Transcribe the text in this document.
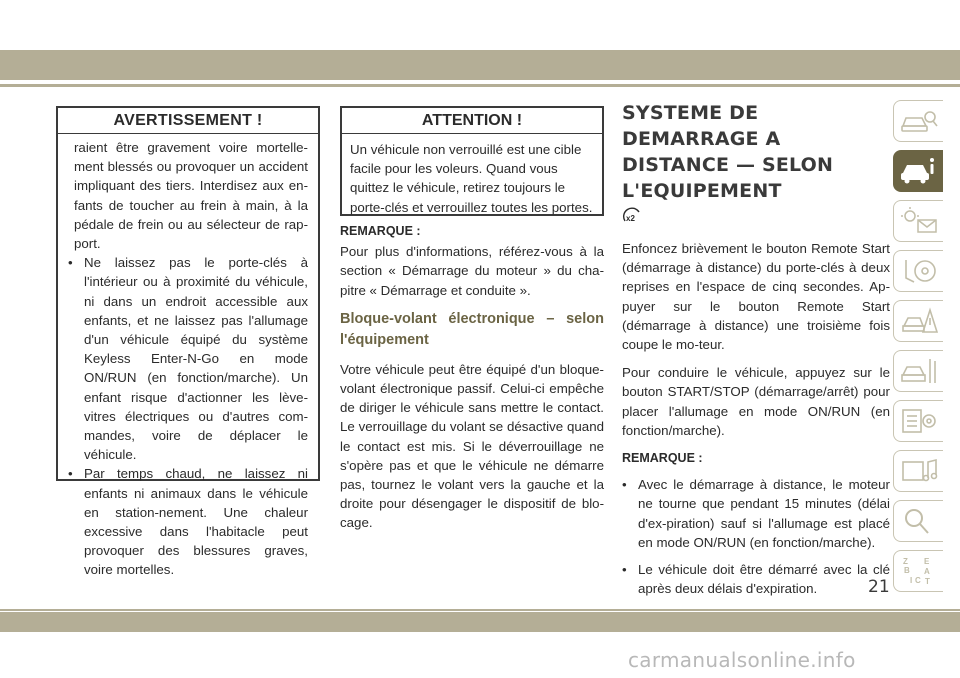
AVERTISSEMENT !

raient être gravement voire mortelle-ment blessés ou provoquer un accident impliquant des tiers. Interdisez aux en-fants de toucher au frein à main, à la pédale de frein ou au sélecteur de rap-port.

• Ne laissez pas le porte-clés à l'intérieur ou à proximité du véhicule, ni dans un endroit accessible aux enfants, et ne laissez pas l'allumage d'un véhicule équipé du système Keyless Enter-N-Go en mode ON/RUN (en fonction/marche). Un enfant risque d'actionner les lève-vitres électriques ou d'autres com-mandes, voire de déplacer le véhicule.
• Par temps chaud, ne laissez ni enfants ni animaux dans le véhicule en station-nement. Une chaleur excessive dans l'habitacle peut provoquer des blessures graves, voire mortelles.
ATTENTION !
Un véhicule non verrouillé est une cible facile pour les voleurs. Quand vous quittez le véhicule, retirez toujours le porte-clés et verrouillez toutes les portes.
REMARQUE :

Pour plus d'informations, référez-vous à la section « Démarrage du moteur » du cha-pitre « Démarrage et conduite ».

Bloque-volant électronique – selon l'équipement

Votre véhicule peut être équipé d'un bloque-volant électronique passif. Celui-ci empêche de diriger le véhicule sans mettre le contact. Le verrouillage du volant se désactive quand le contact est mis. Si le déverrouillage ne s'opère pas et que le véhicule ne démarre pas, tournez le volant vers la gauche et la droite pour désengager le dispositif de blo-cage.

SYSTEME DE DEMARRAGE A DISTANCE — SELON L'EQUIPEMENT
x2

Enfoncez brièvement le bouton Remote Start (démarrage à distance) du porte-clés à deux reprises en l'espace de cinq secondes. Ap-puyer sur le bouton Remote Start (démarrage à distance) une troisième fois coupe le mo-teur.

Pour conduire le véhicule, appuyez sur le bouton START/STOP (démarrage/arrêt) pour placer l'allumage en mode ON/RUN (en fonction/marche).

REMARQUE :
• Avec le démarrage à distance, le moteur ne tourne que pendant 15 minutes (délai d'ex-piration) sauf si l'allumage est placé en mode ON/RUN (en fonction/marche).
• Le véhicule doit être démarré avec la clé après deux délais d'expiration.
Z E
B A
I C T
21
carmanualsonline.info
